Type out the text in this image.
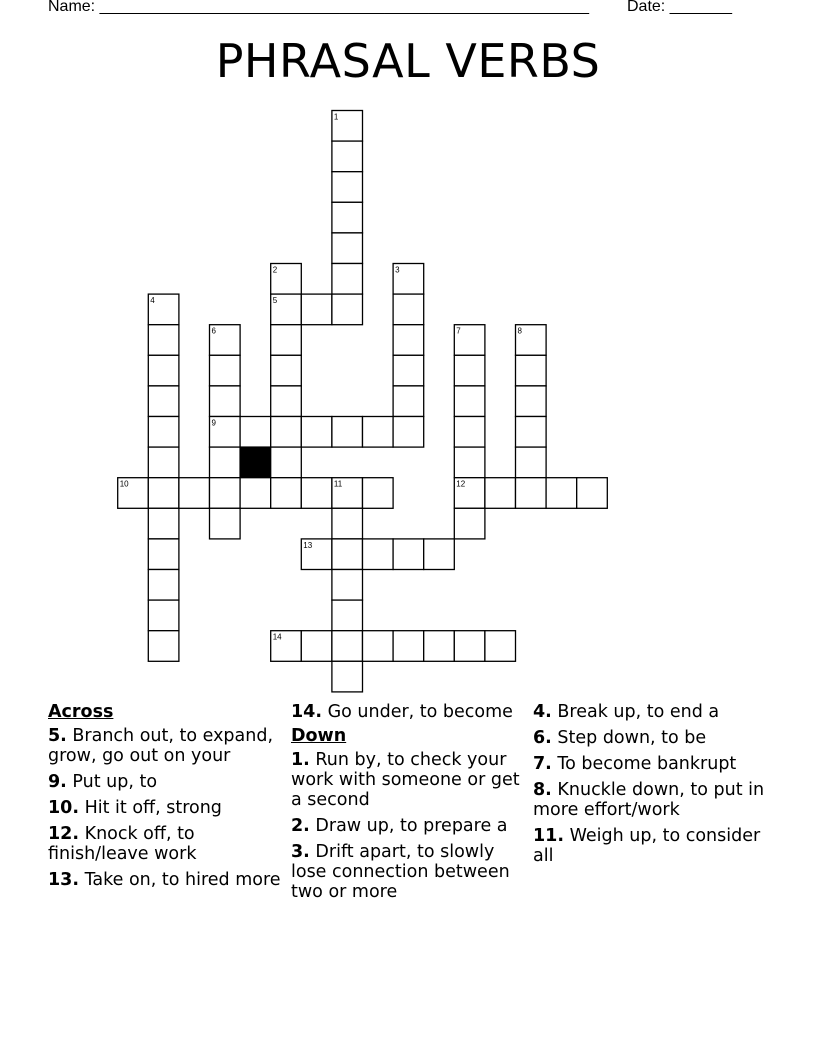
Name: _______________________________________________________ Date: _______
PHRASAL VERBS
1
2	3
4	5
6	7	8
9
10	11	12
13
14
Across
5. Branch out, to expand, grow, go out on your
9. Put up, to
10. Hit it off, strong
12. Knock off, to finish/leave work
13. Take on, to hired more
14. Go under, to become
Down
1. Run by, to check your work with someone or get a second
2. Draw up, to prepare a
3. Drift apart, to slowly lose connection between two or more
4. Break up, to end a
6. Step down, to be
7. To become bankrupt
8. Knuckle down, to put in more effort/work
11. Weigh up, to consider all
